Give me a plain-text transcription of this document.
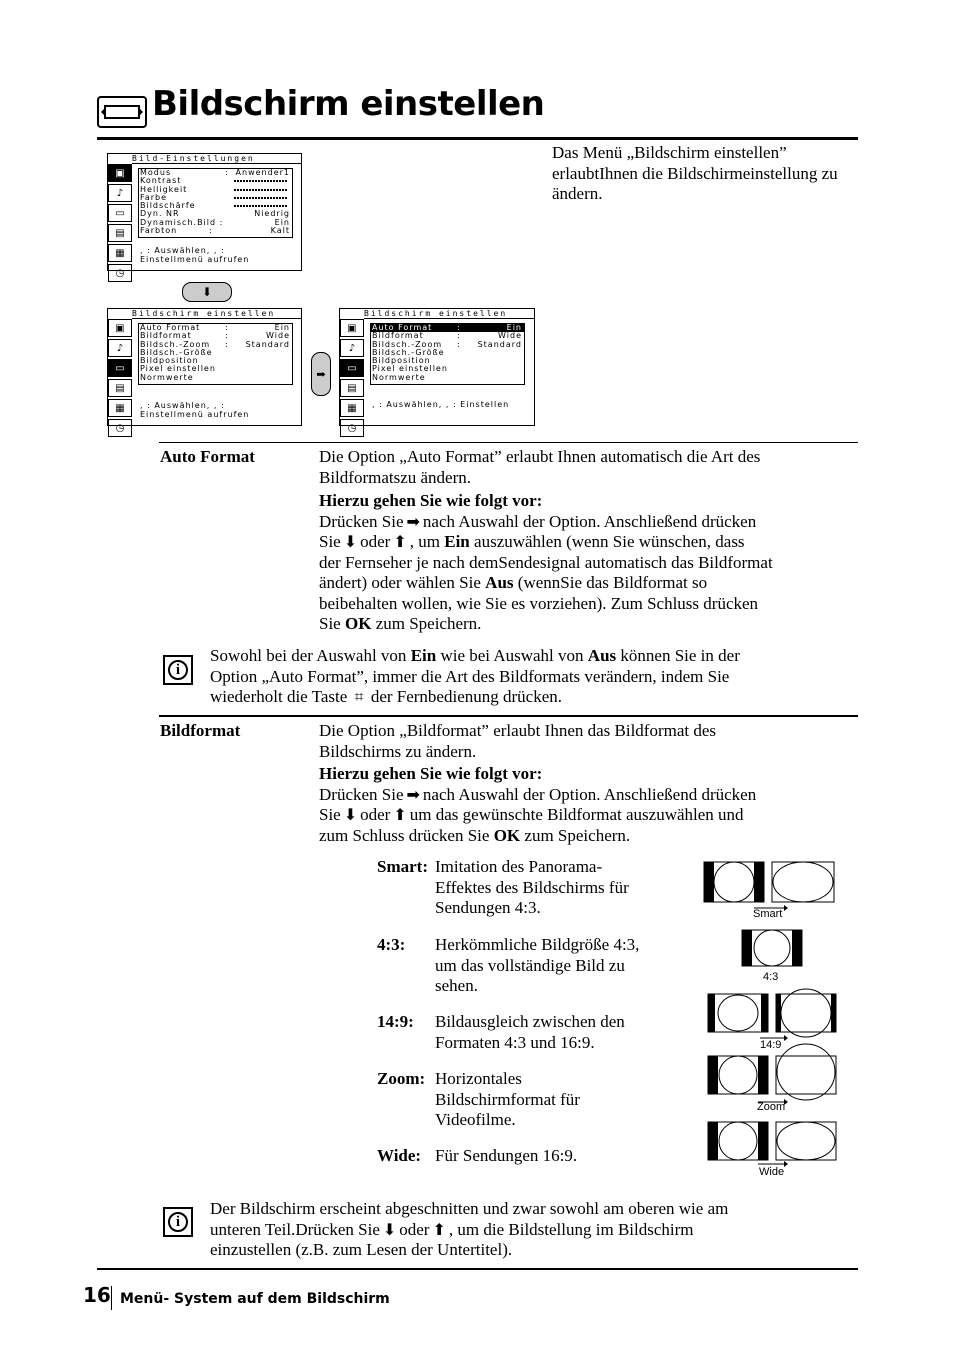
Bildschirm einstellen
Das Menü „Bildschirm einstellen” erlaubtIhnen die Bildschirmeinstellung zu ändern.
Bild-Einstellungen
▣
♪
▭
▤
▦
◷
Modus	: Anwender1
Kontrast
Helligkeit
Farbe
Bildschärfe
Dyn. NR	Niedrig
Dynamisch.Bild :	Ein
Farbton	:	Kalt
, : Auswählen, , :
Einstellmenü aufrufen
⬇
Bildschirm einstellen
▣
♪
▭
▤
▦
◷
Auto Format	:	Ein
Bildformat	:	Wide
Bildsch.-Zoom : Standard
Bildsch.-Größe
Bildposition
Pixel einstellen
Normwerte
, : Auswählen, , :
Einstellmenü aufrufen
➡
Bildschirm einstellen
▣
♪
▭
▤
▦
◷
Auto Format	:	Ein
Bildformat	:	Wide
Bildsch.-Zoom : Standard
Bildsch.-Größe
Bildposition
Pixel einstellen
Normwerte
, : Auswählen, , : Einstellen
Auto Format	Die Option „Auto Format” erlaubt Ihnen automatisch die Art des Bildformatszu ändern.
Hierzu gehen Sie wie folgt vor:
Drücken Sie ➡ nach Auswahl der Option. Anschließend drücken
Sie ⬇ oder ⬆ , um Ein auszuwählen (wenn Sie wünschen, dass
der Fernseher je nach demSendesignal automatisch das Bildformat
ändert) oder wählen Sie Aus (wennSie das Bildformat so
beibehalten wollen, wie Sie es vorziehen). Zum Schluss drücken
Sie OK zum Speichern.
i
Sowohl bei der Auswahl von Ein wie bei Auswahl von Aus können Sie in der
Option „Auto Format”, immer die Art des Bildformats verändern, indem Sie
wiederholt die Taste ⌗ der Fernbedienung drücken.
Bildformat	Die Option „Bildformat” erlaubt Ihnen das Bildformat des
Bildschirms zu ändern.
Hierzu gehen Sie wie folgt vor:
Drücken Sie ➡ nach Auswahl der Option. Anschließend drücken
Sie ⬇ oder ⬆ um das gewünschte Bildformat auszuwählen und
zum Schluss drücken Sie OK zum Speichern.
Smart: Imitation des Panorama-
Effektes des Bildschirms für
Sendungen 4:3.
4:3: Herkömmliche Bildgröße 4:3,
um das vollständige Bild zu
sehen.
14:9: Bildausgleich zwischen den
Formaten 4:3 und 16:9.
Zoom: Horizontales
Bildschirmformat für
Videofilme.
Wide: Für Sendungen 16:9.
Smart
4:3
14:9
Zoom
Wide
i
Der Bildschirm erscheint abgeschnitten und zwar sowohl am oberen wie am
unteren Teil.Drücken Sie ⬇ oder ⬆ , um die Bildstellung im Bildschirm
einzustellen (z.B. zum Lesen der Untertitel).
16 Menü- System auf dem Bildschirm
